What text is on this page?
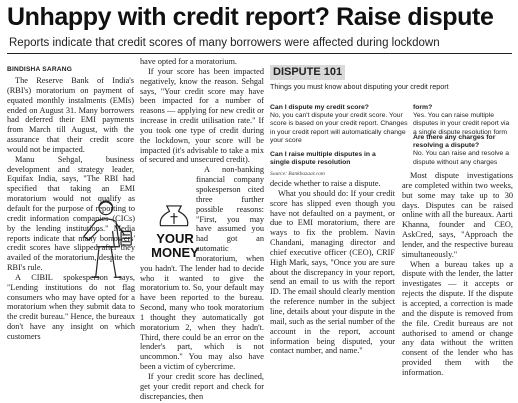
Unhappy with credit report? Raise dispute
Reports indicate that credit scores of many borrowers were affected during lockdown
BINDISHA SARANG

The Reserve Bank of India's (RBI's) moratorium on payment of equated monthly instalments (EMIs) ended on August 31. Many borrowers had deferred their EMI payments from March till August, with the assurance that their credit score would not be impacted.

Manu Sehgal, business development and strategy leader, Equifax India, says, "The RBI had specified that taking an EMI moratorium would not qualify as default for the purpose of reporting to credit information companies (CICs) by the lending institutions." Media reports indicate that many borrowers' credit scores have slipped after they availed of the moratorium, despite the RBI's rule.

A CIBIL spokesperson says, "Lending institutions do not flag consumers who may have opted for a moratorium when they submit data to the credit bureau." Hence, the bureaux don't have any insight on which customers

have opted for a moratorium.

If your score has been impacted negatively, know the reason. Sehgal says, "Your credit score may have been impacted for a number of reasons — applying for new credit or increase in credit utilisation rate." If you took one type of credit during the lockdown, your score will be impacted (it's advisable to take a mix of secured and unsecured credit).

A non-banking financial company spokesperson cited three further possible reasons: "First, you may have assumed you had got an automatic moratorium, when you hadn't. The lender had to decide who it wanted to give the moratorium to. So, your default may have been reported to the bureau. Second, many who took moratorium 1 thought they automatically got moratorium 2, when they hadn't. Third, there could be an error on the lender's part, which is not uncommon." You may also have been a victim of cybercrime.

If your credit score has declined, get your credit report and check for discrepancies, then

DISPUTE 101
Things you must know about disputing your credit report
Can I dispute my credit score?
No, you can't dispute your credit score. Your score is based on your credit report. Changes in your credit report will automatically change your score
Can I raise multiple disputes in a single dispute resolution
form?
Yes. You can raise multiple disputes in your credit report via a single dispute resolution form
Are there any charges for resolving a dispute?
No. You can raise and resolve a dispute without any charges
Source: Bankbazaar.com

decide whether to raise a dispute.

What you should do: If your credit score has slipped even though you have not defaulted on a payment, or due to EMI moratorium, there are ways to fix the problem. Navin Chandani, managing director and chief executive officer (CEO), CRIF High Mark, says, "Once you are sure about the discrepancy in your report, send an email to us with the report ID. The email should clearly mention the reference number in the subject line, details about your dispute in the mail, such as the serial number of the account in the report, account information being disputed, your contact number, and name."

Most dispute investigations are completed within two weeks, but some may take up to 30 days. Disputes can be raised online with all the bureaux. Aarti Khanna, founder and CEO, AskCred, says, "Approach the lender, and the respective bureau simultaneously."

When a bureau takes up a dispute with the lender, the latter investigates — it accepts or rejects the dispute. If the dispute is accepted, a correction is made and the dispute is removed from the file. Credit bureaus are not authorised to amend or change any data without the written consent of the lender who has provided them with the information.

YOUR
MONEY
